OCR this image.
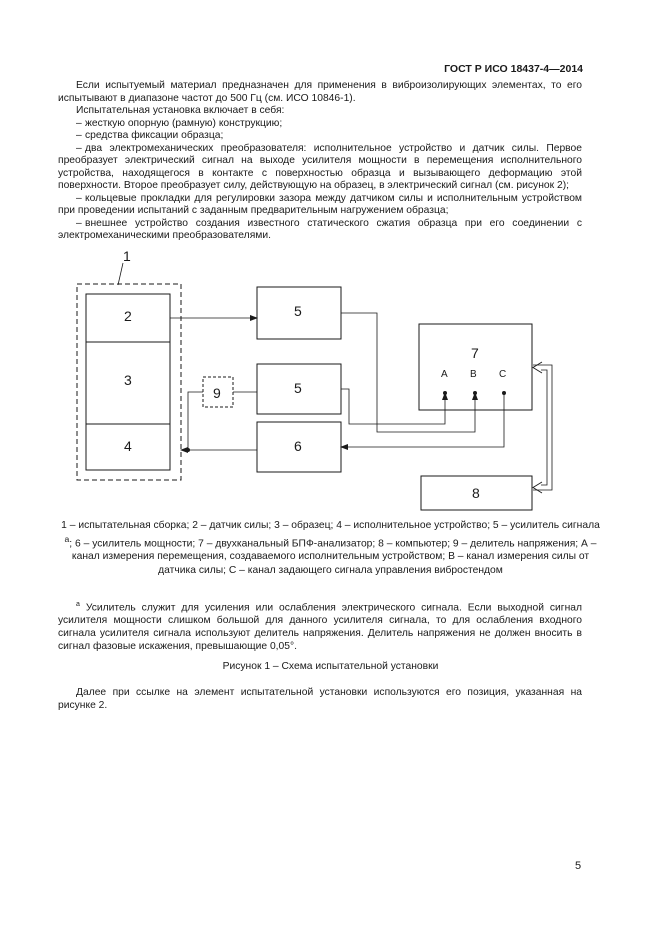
ГОСТ Р ИСО 18437-4—2014

Если испытуемый материал предназначен для применения в виброизолирующих элементах, то его испытывают в диапазоне частот до 500 Гц (см. ИСО 10846-1).

Испытательная установка включает в себя:

– жесткую опорную (рамную) конструкцию;

– средства фиксации образца;

– два электромеханических преобразователя: исполнительное устройство и датчик силы. Первое преобразует электрический сигнал на выходе усилителя мощности в перемещения исполнительного устройства, находящегося в контакте с поверхностью образца и вызывающего деформацию этой поверхности. Второе преобразует силу, действующую на образец, в электрический сигнал (см. рисунок 2);

– кольцевые прокладки для регулировки зазора между датчиком силы и исполнительным устройством при проведении испытаний с заданным предварительным нагружением образца;

– внешнее устройство создания известного статического сжатия образца при его соединении с электромеханическими преобразователями.

1
2
3
4
5
5
6
9
7
A B C
8
1 – испытательная сборка; 2 – датчик силы; 3 – образец; 4 – исполнительное устройство; 5 – усилитель сигнала $^a$; 6 – усилитель мощности; 7 – двухканальный БПФ-анализатор; 8 – компьютер; 9 – делитель напряжения; А – канал измерения перемещения, создаваемого исполнительным устройством; В – канал измерения силы от датчика силы; С – канал задающего сигнала управления вибростендом
$^a$ Усилитель служит для усиления или ослабления электрического сигнала. Если выходной сигнал усилителя мощности слишком большой для данного усилителя сигнала, то для ослабления входного сигнала усилителя сигнала используют делитель напряжения. Делитель напряжения не должен вносить в сигнал фазовые искажения, превышающие 0,05°.
Рисунок 1 – Схема испытательной установки
Далее при ссылке на элемент испытательной установки используются его позиция, указанная на рисунке 2.
5
